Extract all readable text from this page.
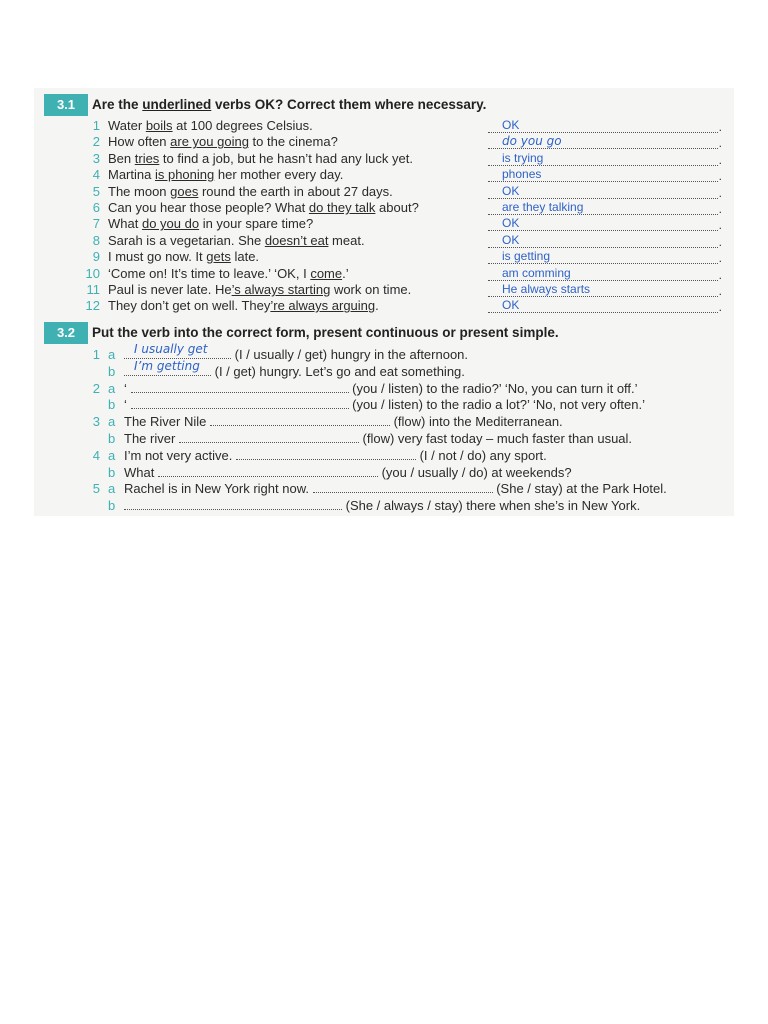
3.1	Are the underlined verbs OK? Correct them where necessary.
1 Water boils at 100 degrees Celsius.	OK	.
2 How often are you going to the cinema?	do you go	.
3 Ben tries to find a job, but he hasn’t had any luck yet.	is trying	.
4 Martina is phoning her mother every day.	phones	.
5 The moon goes round the earth in about 27 days.	OK	.
6 Can you hear those people? What do they talk about?	are they talking	.
7 What do you do in your spare time?	OK	.
8 Sarah is a vegetarian. She doesn’t eat meat.	OK	.
9 I must go now. It gets late.	is getting	.
10 ‘Come on! It’s time to leave.’ ‘OK, I come.’	am comming	.
11 Paul is never late. He’s always starting work on time.	He always starts	.
12 They don’t get on well. They’re always arguing.	OK	.
3.2	Put the verb into the correct form, present continuous or present simple.
1 a I usually get (I / usually / get) hungry in the afternoon.
b I’m getting (I / get) hungry. Let’s go and eat something.
2 a ‘	(you / listen) to the radio?’ ‘No, you can turn it off.’
b ‘	(you / listen) to the radio a lot?’ ‘No, not very often.’
3 a The River Nile	(flow) into the Mediterranean.
b The river	(flow) very fast today – much faster than usual.
4 a I’m not very active.	(I / not / do) any sport.
b What	(you / usually / do) at weekends?
5 a Rachel is in New York right now.	(She / stay) at the Park Hotel.
b	(She / always / stay) there when she’s in New York.
